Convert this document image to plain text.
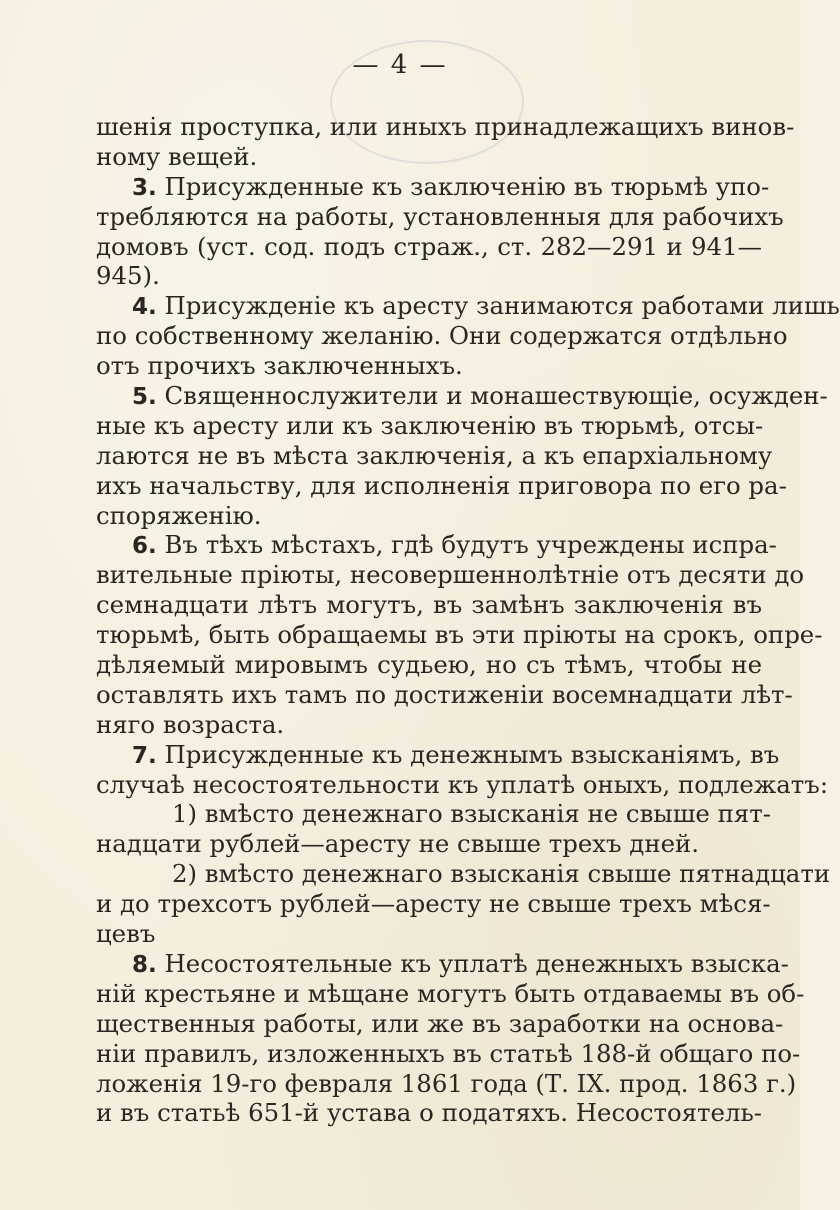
— 4 —
шенія проступка, или иныхъ принадлежащихъ винов-
ному вещей.
3. Присужденные къ заключенію въ тюрьмѣ упо-
требляются на работы, установленныя для рабочихъ
домовъ (уст. сод. подъ страж., ст. 282—291 и 941—
945).
4. Присужденіе къ аресту занимаются работами лишь
по собственному желанію. Они содержатся отдѣльно
отъ прочихъ заключенныхъ.
5. Священнослужители и монашествующіе, осужден-
ные къ аресту или къ заключенію въ тюрьмѣ, отсы-
лаются не въ мѣста заключенія, а къ епархіальному
ихъ начальству, для исполненія приговора по его ра-
споряженію.
6. Въ тѣхъ мѣстахъ, гдѣ будутъ учреждены испра-
вительные пріюты, несовершеннолѣтніе отъ десяти до
семнадцати лѣтъ могутъ, въ замѣнъ заключенія въ
тюрьмѣ, быть обращаемы въ эти пріюты на срокъ, опре-
дѣляемый мировымъ судьею, но съ тѣмъ, чтобы не
оставлять ихъ тамъ по достиженіи восемнадцати лѣт-
няго возраста.
7. Присужденные къ денежнымъ взысканіямъ, въ
случаѣ несостоятельности къ уплатѣ оныхъ, подлежатъ:
1) вмѣсто денежнаго взысканія не свыше пят-
надцати рублей—аресту не свыше трехъ дней.
2) вмѣсто денежнаго взысканія свыше пятнадцати
и до трехсотъ рублей—аресту не свыше трехъ мѣся-
цевъ
8. Несостоятельные къ уплатѣ денежныхъ взыска-
ній крестьяне и мѣщане могутъ быть отдаваемы въ об-
щественныя работы, или же въ заработки на основа-
ніи правилъ, изложенныхъ въ статьѣ 188-й общаго по-
ложенія 19-го февраля 1861 года (Т. IX. прод. 1863 г.)
и въ статьѣ 651-й устава о податяхъ. Несостоятель-
